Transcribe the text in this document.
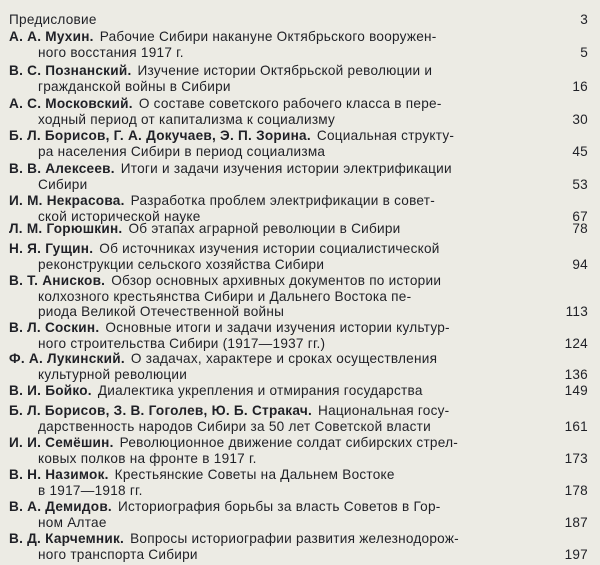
Предисловие	3
А. А. Мухин. Рабочие Сибири накануне Октябрьского вооружен-
ного восстания 1917 г.	5
В. С. Познанский. Изучение истории Октябрьской революции и
гражданской войны в Сибири	16
А. С. Московский. О составе советского рабочего класса в пере-
ходный период от капитализма к социализму	30
Б. Л. Борисов, Г. А. Докучаев, Э. П. Зорина. Социальная структу-
ра населения Сибири в период социализма	45
В. В. Алексеев. Итоги и задачи изучения истории электрификации
Сибири	53
И. М. Некрасова. Разработка проблем электрификации в совет-
ской исторической науке	67
Л. М. Горюшкин. Об этапах аграрной революции в Сибири	78
Н. Я. Гущин. Об источниках изучения истории социалистической
реконструкции сельского хозяйства Сибири	94
В. Т. Анисков. Обзор основных архивных документов по истории
колхозного крестьянства Сибири и Дальнего Востока пе-
риода Великой Отечественной войны	113
В. Л. Соскин. Основные итоги и задачи изучения истории культур-
ного строительства Сибири (1917—1937 гг.)	124
Ф. А. Лукинский. О задачах, характере и сроках осуществления
культурной революции	136
В. И. Бойко. Диалектика укрепления и отмирания государства	149
Б. Л. Борисов, З. В. Гоголев, Ю. Б. Стракач. Национальная госу-
дарственность народов Сибири за 50 лет Советской власти	161
И. И. Семёшин. Революционное движение солдат сибирских стрел-
ковых полков на фронте в 1917 г.	173
В. Н. Назимок. Крестьянские Советы на Дальнем Востоке
в 1917—1918 гг.	178
В. А. Демидов. Историография борьбы за власть Советов в Гор-
ном Алтае	187
В. Д. Карчемник. Вопросы историографии развития железнодорож-
ного транспорта Сибири	197
